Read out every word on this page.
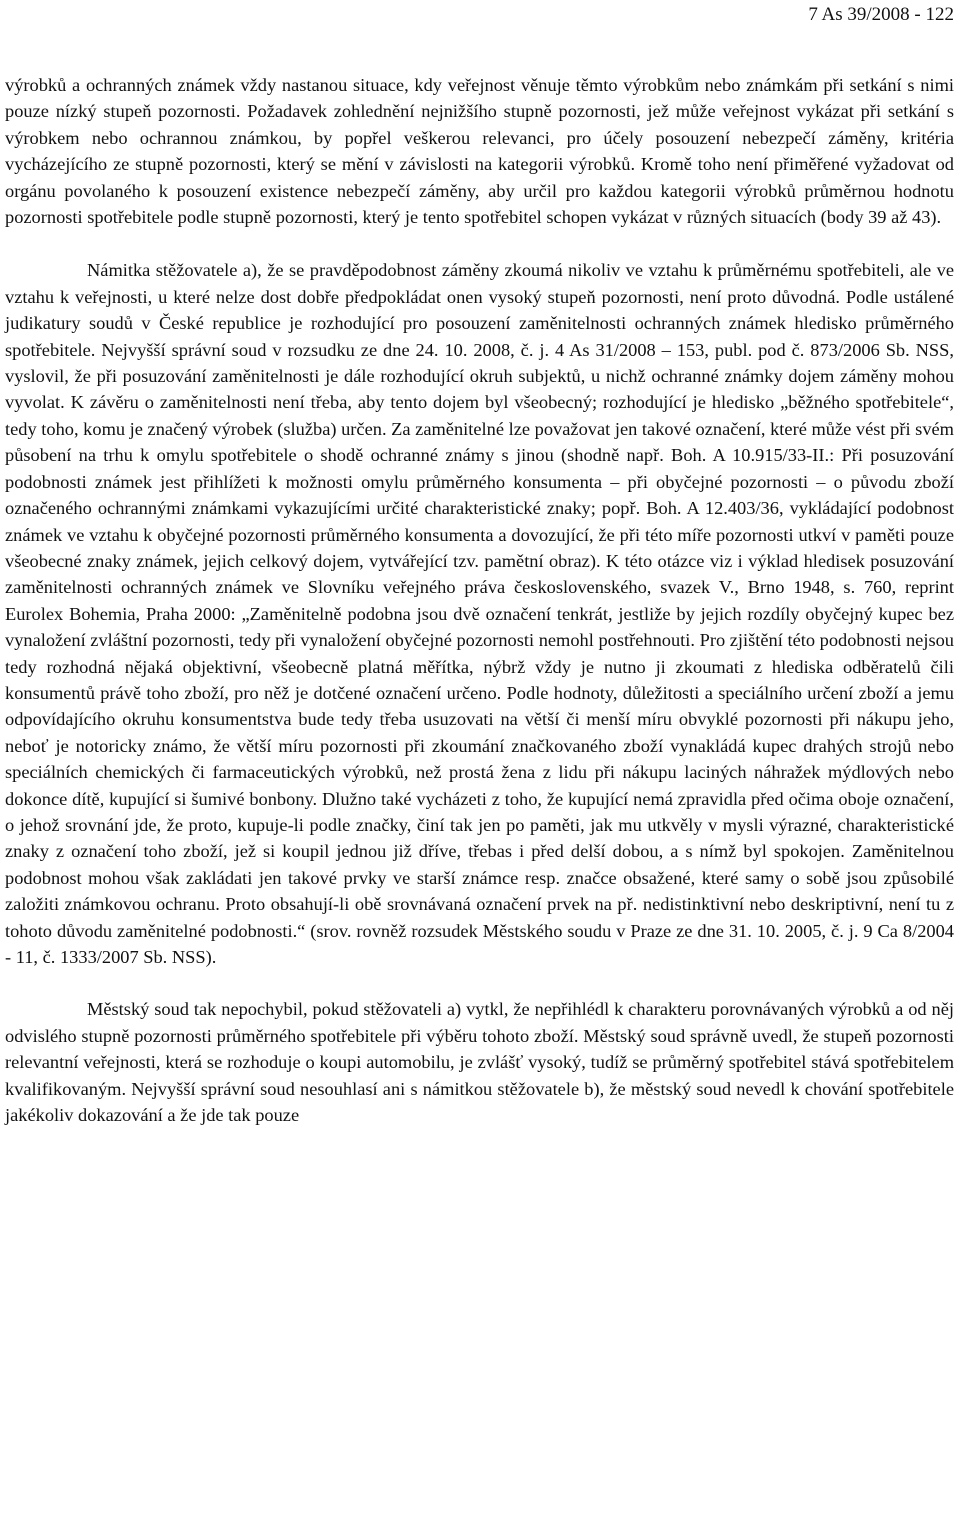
7 As 39/2008 - 122

výrobků a ochranných známek vždy nastanou situace, kdy veřejnost věnuje těmto výrobkům nebo známkám při setkání s nimi pouze nízký stupeň pozornosti. Požadavek zohlednění nejnižšího stupně pozornosti, jež může veřejnost vykázat při setkání s výrobkem nebo ochrannou známkou, by popřel veškerou relevanci, pro účely posouzení nebezpečí záměny, kritéria vycházejícího ze stupně pozornosti, který se mění v závislosti na kategorii výrobků. Kromě toho není přiměřené vyžadovat od orgánu povolaného k posouzení existence nebezpečí záměny, aby určil pro každou kategorii výrobků průměrnou hodnotu pozornosti spotřebitele podle stupně pozornosti, který je tento spotřebitel schopen vykázat v různých situacích (body 39 až 43).

Námitka stěžovatele a), že se pravděpodobnost záměny zkoumá nikoliv ve vztahu k průměrnému spotřebiteli, ale ve vztahu k veřejnosti, u které nelze dost dobře předpokládat onen vysoký stupeň pozornosti, není proto důvodná. Podle ustálené judikatury soudů v České republice je rozhodující pro posouzení zaměnitelnosti ochranných známek hledisko průměrného spotřebitele. Nejvyšší správní soud v rozsudku ze dne 24. 10. 2008, č. j. 4 As 31/2008 – 153, publ. pod č. 873/2006 Sb. NSS, vyslovil, že při posuzování zaměnitelnosti je dále rozhodující okruh subjektů, u nichž ochranné známky dojem záměny mohou vyvolat. K závěru o zaměnitelnosti není třeba, aby tento dojem byl všeobecný; rozhodující je hledisko „běžného spotřebitele“, tedy toho, komu je značený výrobek (služba) určen. Za zaměnitelné lze považovat jen takové označení, které může vést při svém působení na trhu k omylu spotřebitele o shodě ochranné známy s jinou (shodně např. Boh. A 10.915/33-II.: Při posuzování podobnosti známek jest přihlížeti k možnosti omylu průměrného konsumenta – při obyčejné pozornosti – o původu zboží označeného ochrannými známkami vykazujícími určité charakteristické znaky; popř. Boh. A 12.403/36, vykládající podobnost známek ve vztahu k obyčejné pozornosti průměrného konsumenta a dovozující, že při této míře pozornosti utkví v paměti pouze všeobecné znaky známek, jejich celkový dojem, vytvářející tzv. pamětní obraz). K této otázce viz i výklad hledisek posuzování zaměnitelnosti ochranných známek ve Slovníku veřejného práva československého, svazek V., Brno 1948, s. 760, reprint Eurolex Bohemia, Praha 2000: „Zaměnitelně podobna jsou dvě označení tenkrát, jestliže by jejich rozdíly obyčejný kupec bez vynaložení zvláštní pozornosti, tedy při vynaložení obyčejné pozornosti nemohl postřehnouti. Pro zjištění této podobnosti nejsou tedy rozhodná nějaká objektivní, všeobecně platná měřítka, nýbrž vždy je nutno ji zkoumati z hlediska odběratelů čili konsumentů právě toho zboží, pro něž je dotčené označení určeno. Podle hodnoty, důležitosti a speciálního určení zboží a jemu odpovídajícího okruhu konsumentstva bude tedy třeba usuzovati na větší či menší míru obvyklé pozornosti při nákupu jeho, neboť je notoricky známo, že větší míru pozornosti při zkoumání značkovaného zboží vynakládá kupec drahých strojů nebo speciálních chemických či farmaceutických výrobků, než prostá žena z lidu při nákupu laciných náhražek mýdlových nebo dokonce dítě, kupující si šumivé bonbony. Dlužno také vycházeti z toho, že kupující nemá zpravidla před očima oboje označení, o jehož srovnání jde, že proto, kupuje-li podle značky, činí tak jen po paměti, jak mu utkvěly v mysli výrazné, charakteristické znaky z označení toho zboží, jež si koupil jednou již dříve, třebas i před delší dobou, a s nímž byl spokojen. Zaměnitelnou podobnost mohou však zakládati jen takové prvky ve starší známce resp. značce obsažené, které samy o sobě jsou způsobilé založiti známkovou ochranu. Proto obsahují-li obě srovnávaná označení prvek na př. nedistinktivní nebo deskriptivní, není tu z tohoto důvodu zaměnitelné podobnosti.“ (srov. rovněž rozsudek Městského soudu v Praze ze dne 31. 10. 2005, č. j. 9 Ca 8/2004 - 11, č. 1333/2007 Sb. NSS).

Městský soud tak nepochybil, pokud stěžovateli a) vytkl, že nepřihlédl k charakteru porovnávaných výrobků a od něj odvislého stupně pozornosti průměrného spotřebitele při výběru tohoto zboží. Městský soud správně uvedl, že stupeň pozornosti relevantní veřejnosti, která se rozhoduje o koupi automobilu, je zvlášť vysoký, tudíž se průměrný spotřebitel stává spotřebitelem kvalifikovaným. Nejvyšší správní soud nesouhlasí ani s námitkou stěžovatele b), že městský soud nevedl k chování spotřebitele jakékoliv dokazování a že jde tak pouze
